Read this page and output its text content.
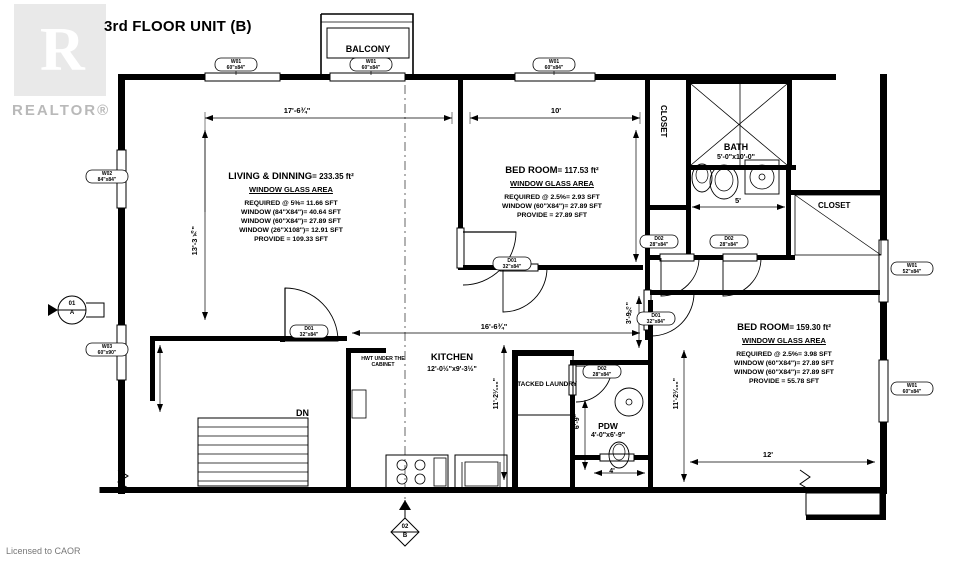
R
REALTOR®
Licensed to CAOR
3rd FLOOR UNIT (B)
BALCONY
LIVING & DINNING= 233.35 ft²
WINDOW GLASS AREA
REQUIRED @ 5%= 11.66 SFT
WINDOW (84"X84")= 40.64 SFT
WINDOW (60"X84")= 27.89 SFT
WINDOW (26"X108")= 12.91 SFT
PROVIDE = 109.33 SFT
BED ROOM= 117.53 ft²
WINDOW GLASS AREA
REQUIRED @ 2.5%= 2.93 SFT
WINDOW (60"X84")= 27.89 SFT
PROVIDE = 27.89 SFT
BED ROOM= 159.30 ft²
WINDOW GLASS AREA
REQUIRED @ 2.5%= 3.98 SFT
WINDOW (60"X84")= 27.89 SFT
WINDOW (60"X84")= 27.89 SFT
PROVIDE = 55.78 SFT
BATH
5'-0"x10'-0"
CLOSET
CLOSET
KITCHEN
12'-0½"x9'-3½"
STACKED LAUNDRY
PDW
4'-0"x6'-9"
DN
HWT UNDER THE CABINET
W01
60"x84"
W01
60"x84"
W01
60"x84"
W02
84"x84"
W03
60"x90"
W01
52"x84"
W01
60"x84"
D01
32"x84"
D01
32"x84"
D02
28"x84"
D02
28"x84"
D01
32"x84"
D02
28"x84"
17'-6¾"	10'
13'-3⅞"
10'
5'
16'-6¾"
4'
11'-2¹⁄₁₀₀"
3'-9⅜"
11'-2¹⁄₁₀₀"
6'-9"
4'
12'
01
A
02
B
